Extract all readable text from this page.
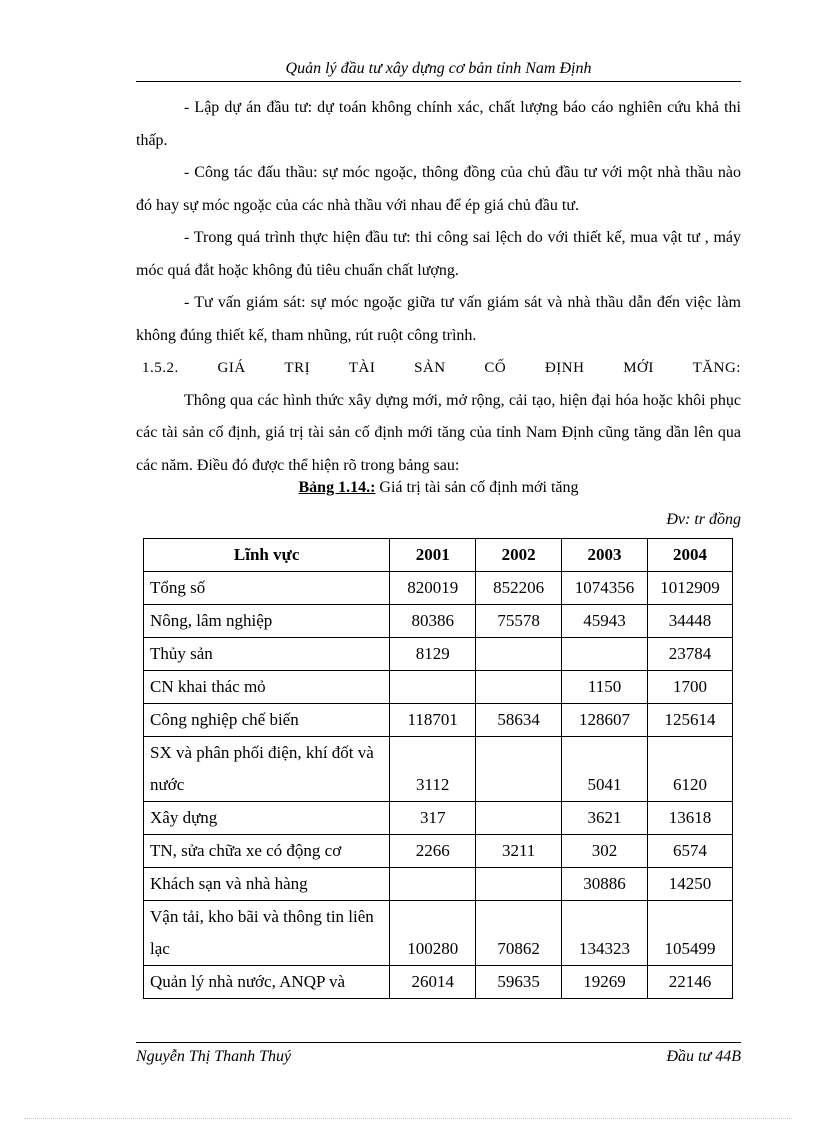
Quản lý đầu tư xây dựng cơ bản tỉnh Nam Định

- Lập dự án đầu tư: dự toán không chính xác, chất lượng báo cáo nghiên cứu khả thi thấp.

- Công tác đấu thầu: sự móc ngoặc, thông đồng của chủ đầu tư với một nhà thầu nào đó hay sự móc ngoặc của các nhà thầu với nhau để ép giá chủ đầu tư.

- Trong quá trình thực hiện đầu tư: thi công sai lệch do với thiết kế, mua vật tư , máy móc quá đắt hoặc không đủ tiêu chuẩn chất lượng.

- Tư vấn giám sát: sự móc ngoặc giữa tư vấn giám sát và nhà thầu dẫn đến việc làm không đúng thiết kế, tham nhũng, rút ruột công trình.

1.5.2.	GIÁ	TRỊ	TÀI	SẢN	CỐ	ĐỊNH	MỚI	TĂNG:

Thông qua các hình thức xây dựng mới, mở rộng, cải tạo, hiện đại hóa hoặc khôi phục các tài sản cố định, giá trị tài sản cố định mới tăng của tỉnh Nam Định cũng tăng dần lên qua các năm. Điều đó được thể hiện rõ trong bảng sau:

Bảng 1.14.: Giá trị tài sản cố định mới tăng
Đv: tr đồng
Lĩnh vực	2001	2002	2003	2004
Tổng số	820019	852206	1074356	1012909
Nông, lâm nghiệp	80386	75578	45943	34448
Thủy sản	8129			23784
CN khai thác mỏ			1150	1700
Công nghiệp chế biến	118701	58634	128607	125614
SX và phân phối điện, khí đốt và nước	3112		5041	6120
Xây dựng	317		3621	13618
TN, sửa chữa xe có động cơ	2266	3211	302	6574
Khách sạn và nhà hàng			30886	14250
Vận tải, kho bãi và thông tin liên lạc	100280	70862	134323	105499
Quản lý nhà nước, ANQP và	26014	59635	19269	22146
Nguyễn Thị Thanh Thuý	Đầu tư 44B
